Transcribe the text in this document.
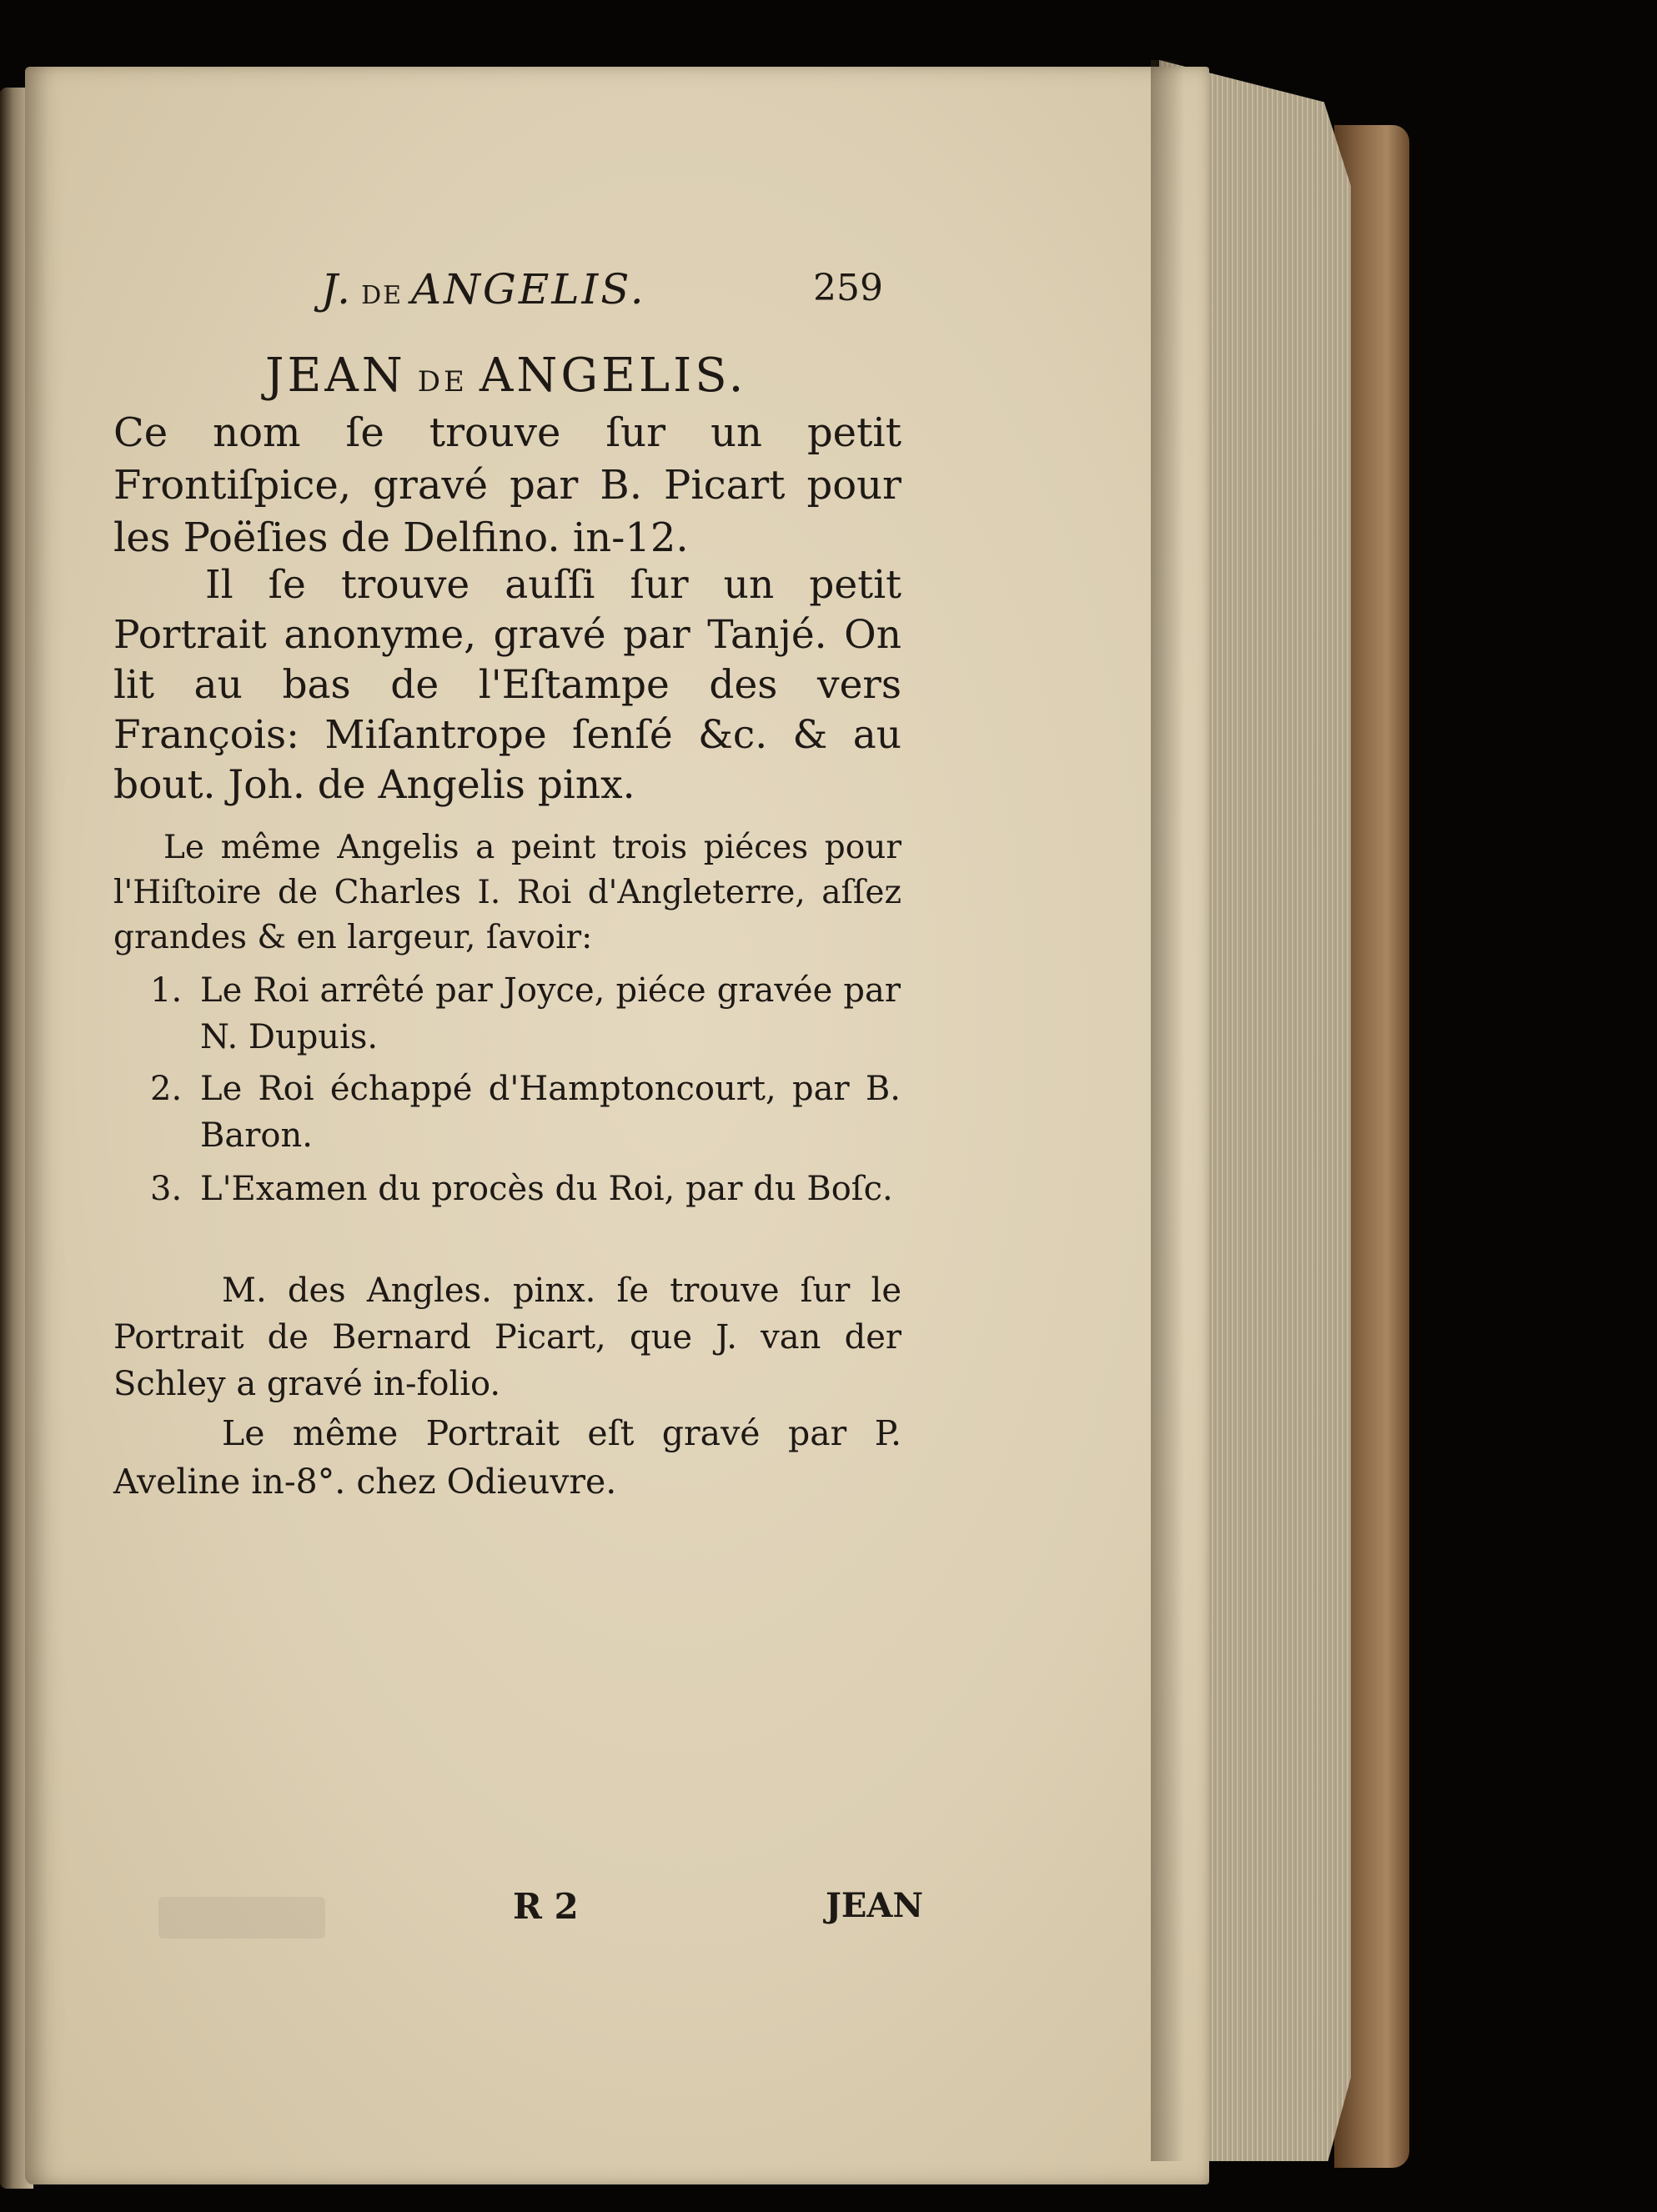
J. DE ANGELIS.	259
JEAN DE ANGELIS.
Ce nom ſe trouve ſur un petit Frontiſpice, gravé par B. Picart pour les Poëſies de Delfino. in-12.
Il ſe trouve auſſi ſur un petit Portrait anonyme, gravé par Tanjé. On lit au bas de l'Eſtampe des vers François: Miſantrope ſenſé &c. & au bout. Joh. de Angelis pinx.
Le même Angelis a peint trois piéces pour l'Hiſtoire de Charles I. Roi d'Angleterre, aſſez grandes & en largeur, ſavoir:
1. Le Roi arrêté par Joyce, piéce gravée par N. Dupuis.
2. Le Roi échappé d'Hamptoncourt, par B. Baron.
3. L'Examen du procès du Roi, par du Boſc.
M. des Angles. pinx. ſe trouve ſur le Portrait de Bernard Picart, que J. van der Schley a gravé in-folio.
Le même Portrait eſt gravé par P. Aveline in-8°. chez Odieuvre.
R 2	JEAN
